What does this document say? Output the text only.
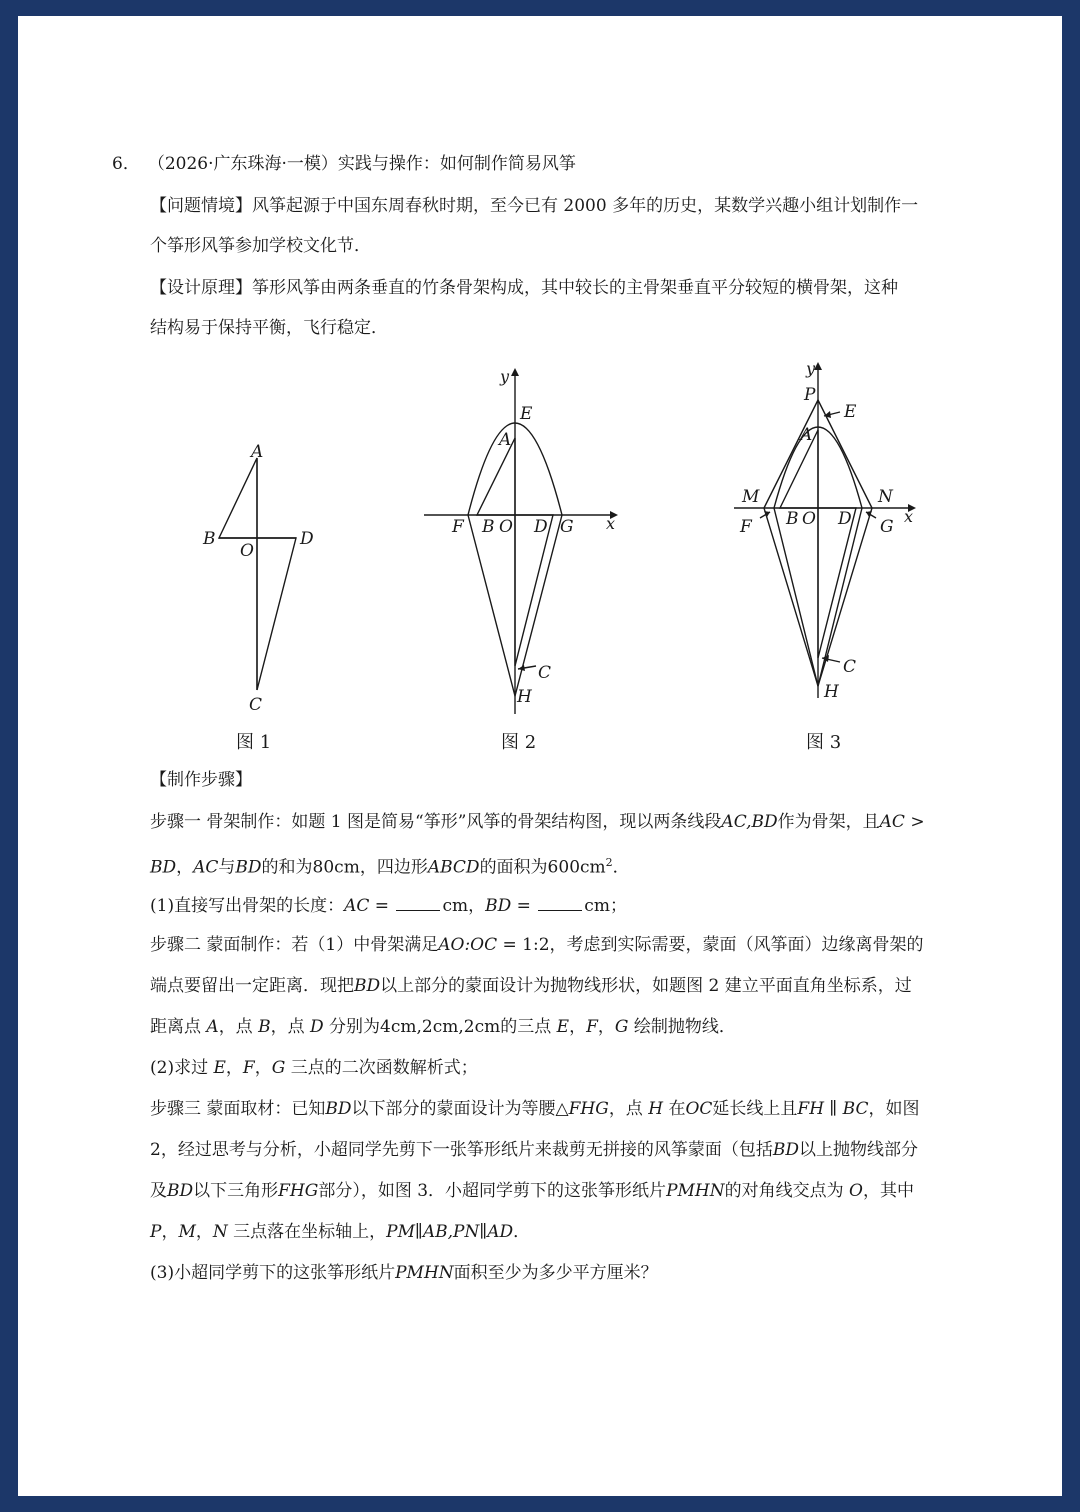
6． （2026·广东珠海·一模）实践与操作：如何制作简易风筝
【问题情境】风筝起源于中国东周春秋时期，至今已有 2000 多年的历史，某数学兴趣小组计划制作一
个筝形风筝参加学校文化节．
【设计原理】筝形风筝由两条垂直的竹条骨架构成，其中较长的主骨架垂直平分较短的横骨架，这种
结构易于保持平衡，飞行稳定．
A
B
O
D
C
图 1
y
x
E
A
F B O D G
C
H
图 2
y
x
P
E
A
M	N
F B O D G
C
H
图 3
【制作步骤】
步骤一 骨架制作：如题 1 图是简易“筝形”风筝的骨架结构图，现以两条线段AC,BD作为骨架，且AC >
BD，AC与BD的和为80cm，四边形ABCD的面积为$600cm^2$．
(1)直接写出骨架的长度：AC =	cm，BD =	cm；
步骤二 蒙面制作：若（1）中骨架满足AO:OC = 1:2，考虑到实际需要，蒙面（风筝面）边缘离骨架的
端点要留出一定距离．现把BD以上部分的蒙面设计为抛物线形状，如题图 2 建立平面直角坐标系，过
距离点 A，点 B，点 D 分别为4cm,2cm,2cm的三点 E，F，G 绘制抛物线．
(2)求过 E，F，G 三点的二次函数解析式；
步骤三 蒙面取材：已知BD以下部分的蒙面设计为等腰△FHG，点 H 在OC延长线上且FH ∥ BC，如图
2，经过思考与分析，小超同学先剪下一张筝形纸片来裁剪无拼接的风筝蒙面（包括BD以上抛物线部分
及BD以下三角形FHG部分），如图 3．小超同学剪下的这张筝形纸片PMHN的对角线交点为 O，其中
P，M，N 三点落在坐标轴上，PM∥AB,PN∥AD．
(3)小超同学剪下的这张筝形纸片PMHN面积至少为多少平方厘米？
